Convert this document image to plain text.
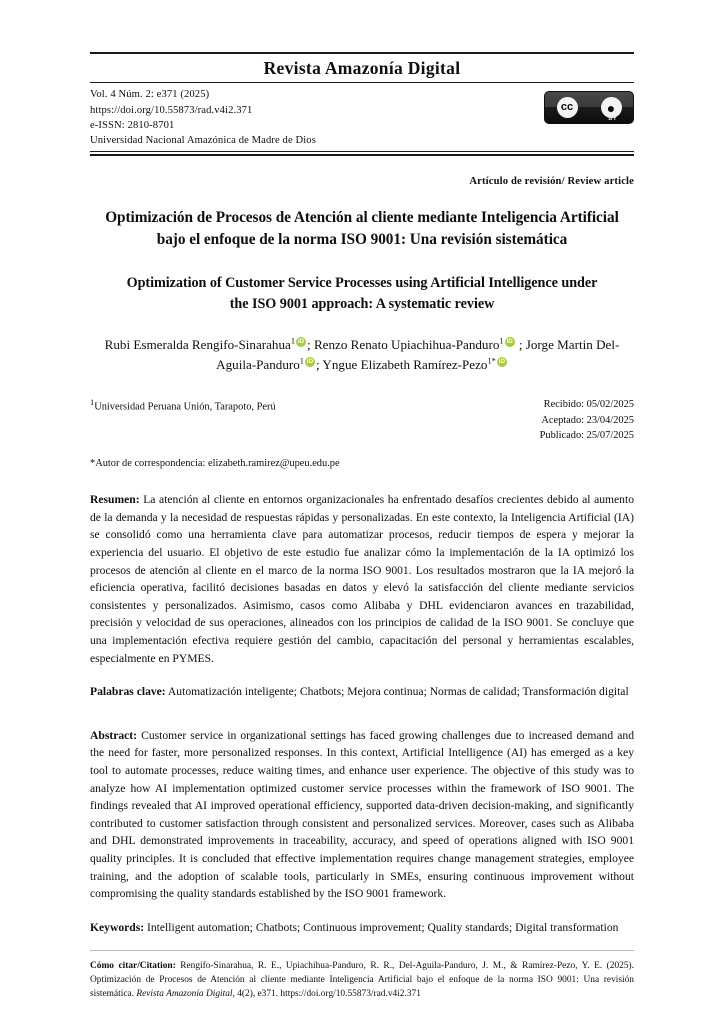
Revista Amazonía Digital
Vol. 4 Núm. 2: e371 (2025)
https://doi.org/10.55873/rad.v4i2.371
e-ISSN: 2810-8701
Universidad Nacional Amazónica de Madre de Dios
cc	●
BY
Artículo de revisión/ Review article
Optimización de Procesos de Atención al cliente mediante Inteligencia Artificial bajo el enfoque de la norma ISO 9001: Una revisión sistemática
Optimization of Customer Service Processes using Artificial Intelligence under the ISO 9001 approach: A systematic review
Rubi Esmeralda Rengifo-Sinarahua$^1$ iD ; Renzo Renato Upiachihua-Panduro$^1$iD ; Jorge Martin Del-Aguila-Panduro$^1$ iD ; Yngue Elizabeth Ramírez-Pezo$^{1*}$iD
$^1$Universidad Peruana Unión, Tarapoto, Perú	Recibido: 05/02/2025
Aceptado: 23/04/2025
Publicado: 25/07/2025
*Autor de correspondencia: elizabeth.ramirez@upeu.edu.pe
Resumen: La atención al cliente en entornos organizacionales ha enfrentado desafíos crecientes debido al aumento de la demanda y la necesidad de respuestas rápidas y personalizadas. En este contexto, la Inteligencia Artificial (IA) se consolidó como una herramienta clave para automatizar procesos, reducir tiempos de espera y mejorar la experiencia del usuario. El objetivo de este estudio fue analizar cómo la implementación de la IA optimizó los procesos de atención al cliente en el marco de la norma ISO 9001. Los resultados mostraron que la IA mejoró la eficiencia operativa, facilitó decisiones basadas en datos y elevó la satisfacción del cliente mediante servicios consistentes y personalizados. Asimismo, casos como Alibaba y DHL evidenciaron avances en trazabilidad, precisión y velocidad de sus operaciones, alineados con los principios de calidad de la ISO 9001. Se concluye que una implementación efectiva requiere gestión del cambio, capacitación del personal y herramientas escalables, especialmente en PYMES.
Palabras clave: Automatización inteligente; Chatbots; Mejora continua; Normas de calidad; Transformación digital
Abstract: Customer service in organizational settings has faced growing challenges due to increased demand and the need for faster, more personalized responses. In this context, Artificial Intelligence (AI) has emerged as a key tool to automate processes, reduce waiting times, and enhance user experience. The objective of this study was to analyze how AI implementation optimized customer service processes within the framework of ISO 9001. The findings revealed that AI improved operational efficiency, supported data-driven decision-making, and significantly contributed to customer satisfaction through consistent and personalized services. Moreover, cases such as Alibaba and DHL demonstrated improvements in traceability, accuracy, and speed of operations aligned with ISO 9001 quality principles. It is concluded that effective implementation requires change management strategies, employee training, and the adoption of scalable tools, particularly in SMEs, ensuring continuous improvement without compromising the quality standards established by the ISO 9001 framework.
Keywords: Intelligent automation; Chatbots; Continuous improvement; Quality standards; Digital transformation
Cómo citar/Citation: Rengifo-Sinarahua, R. E., Upiachihua-Panduro, R. R., Del-Aguila-Panduro, J. M., & Ramírez-Pezo, Y. E. (2025). Optimización de Procesos de Atención al cliente mediante Inteligencia Artificial bajo el enfoque de la norma ISO 9001: Una revisión sistemática. Revista Amazonía Digital, 4(2), e371. https://doi.org/10.55873/rad.v4i2.371
